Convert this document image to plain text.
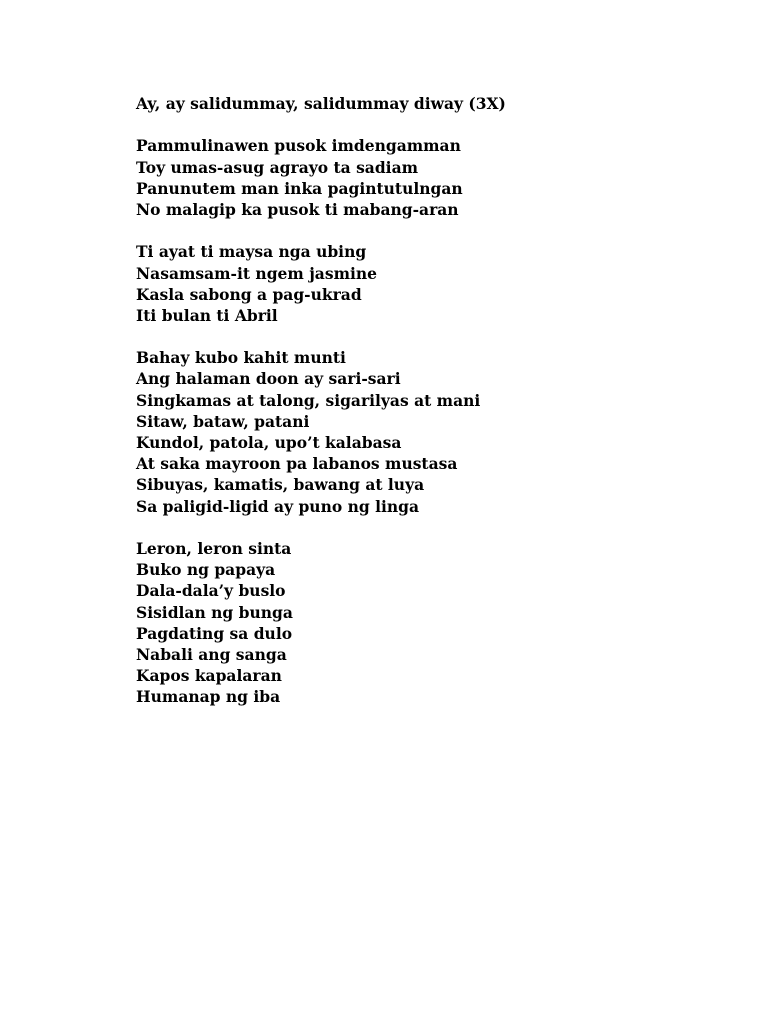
Ay, ay salidummay, salidummay diway (3X)
Pammulinawen pusok imdengamman
Toy umas-asug agrayo ta sadiam
Panunutem man inka pagintutulngan
No malagip ka pusok ti mabang-aran
Ti ayat ti maysa nga ubing
Nasamsam-it ngem jasmine
Kasla sabong a pag-ukrad
Iti bulan ti Abril
Bahay kubo kahit munti
Ang halaman doon ay sari-sari
Singkamas at talong, sigarilyas at mani
Sitaw, bataw, patani
Kundol, patola, upo’t kalabasa
At saka mayroon pa labanos mustasa
Sibuyas, kamatis, bawang at luya
Sa paligid-ligid ay puno ng linga
Leron, leron sinta
Buko ng papaya
Dala-dala’y buslo
Sisidlan ng bunga
Pagdating sa dulo
Nabali ang sanga
Kapos kapalaran
Humanap ng iba
